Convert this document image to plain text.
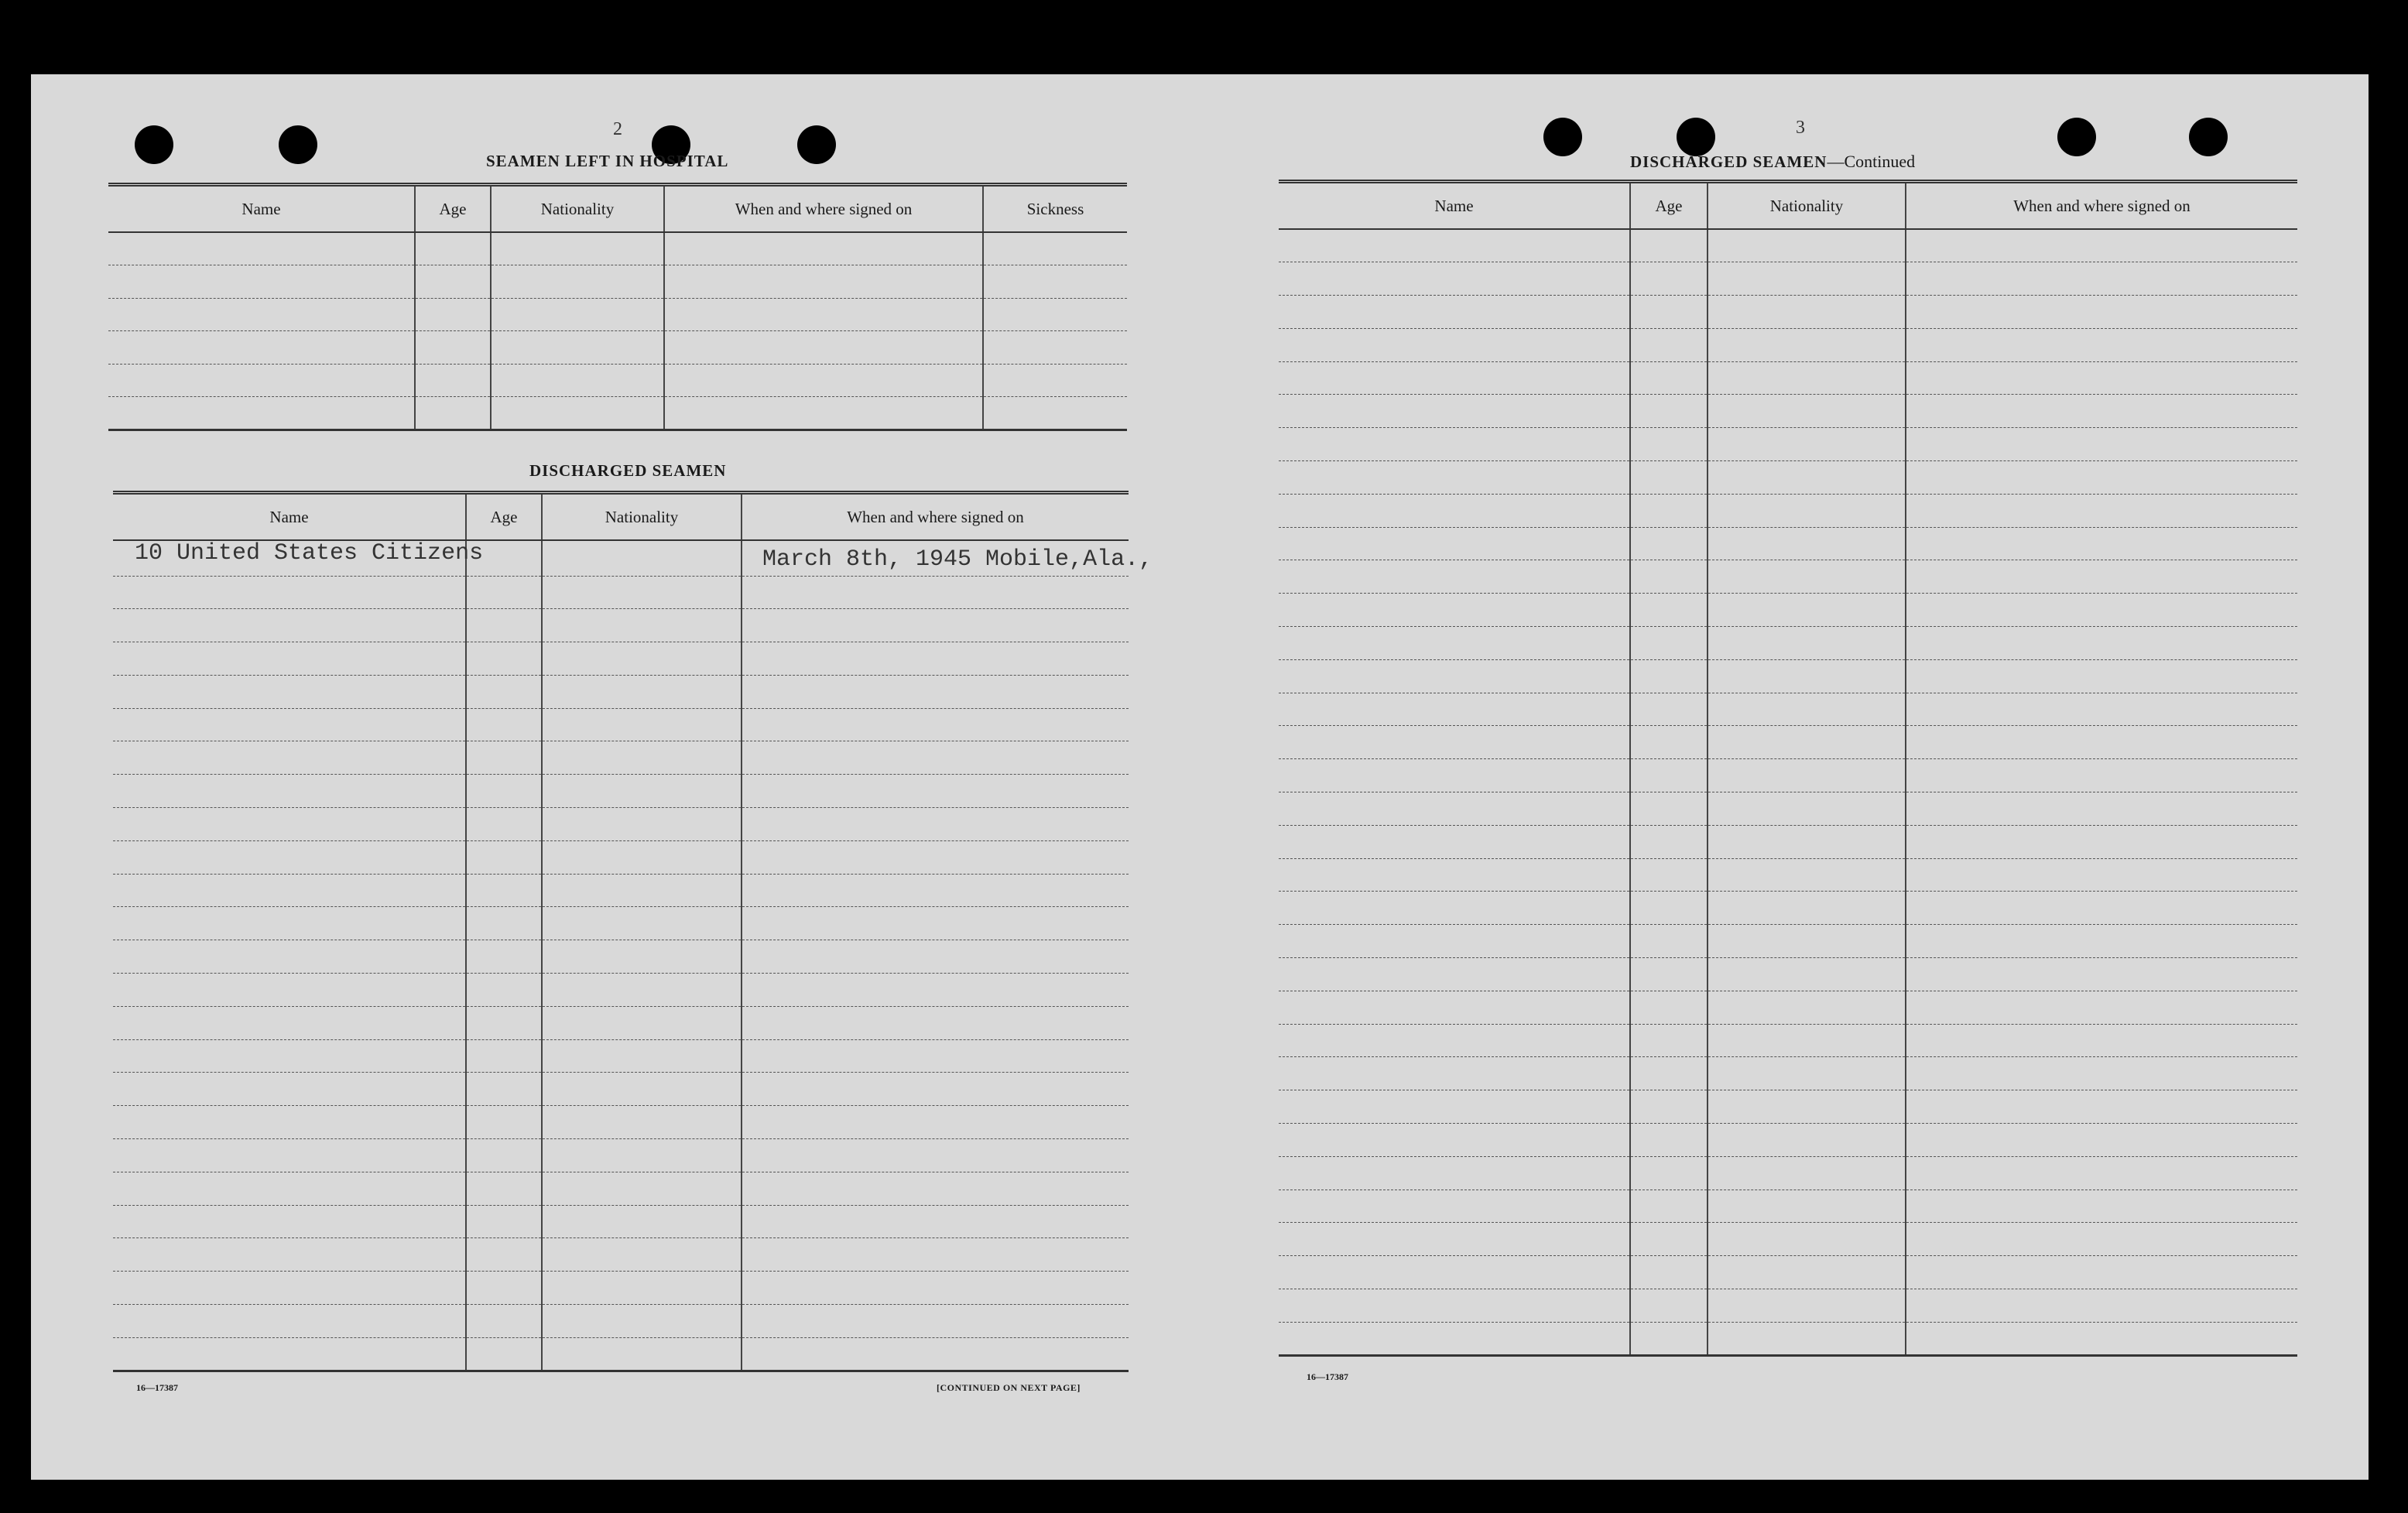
2
SEAMEN LEFT IN HOSPITAL
Name	Age	Nationality	When and where signed on	Sickness

DISCHARGED SEAMEN
Name	Age	Nationality	When and where signed on
10 United States Citizens			March 8th, 1945 Mobile,Ala.,

16—17387	[CONTINUED ON NEXT PAGE]
3
DISCHARGED SEAMEN—Continued
Name	Age	Nationality	When and where signed on

16—17387
